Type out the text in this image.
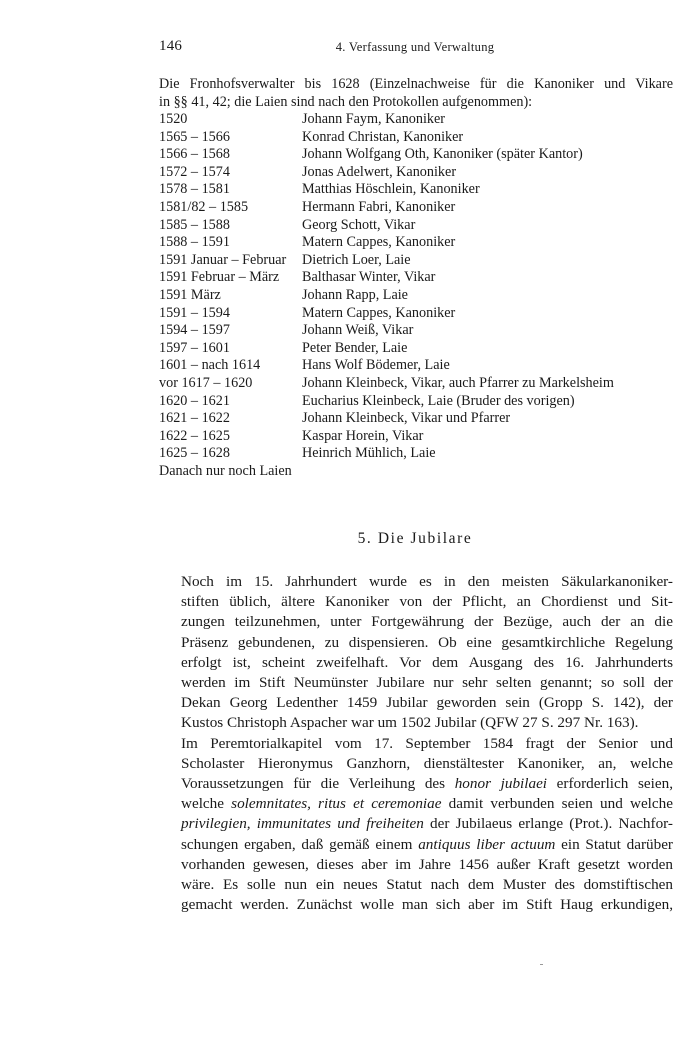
146	4. Verfassung und Verwaltung
Die Fronhofsverwalter bis 1628 (Einzelnachweise für die Kanoniker und Vikare
in §§ 41, 42; die Laien sind nach den Protokollen aufgenommen):
1520	Johann Faym, Kanoniker
1565 – 1566	Konrad Christan, Kanoniker
1566 – 1568	Johann Wolfgang Oth, Kanoniker (später Kantor)
1572 – 1574	Jonas Adelwert, Kanoniker
1578 – 1581	Matthias Höschlein, Kanoniker
1581/82 – 1585	Hermann Fabri, Kanoniker
1585 – 1588	Georg Schott, Vikar
1588 – 1591	Matern Cappes, Kanoniker
1591 Januar – Februar	Dietrich Loer, Laie
1591 Februar – März	Balthasar Winter, Vikar
1591 März	Johann Rapp, Laie
1591 – 1594	Matern Cappes, Kanoniker
1594 – 1597	Johann Weiß, Vikar
1597 – 1601	Peter Bender, Laie
1601 – nach 1614	Hans Wolf Bödemer, Laie
vor 1617 – 1620	Johann Kleinbeck, Vikar, auch Pfarrer zu Markelsheim
1620 – 1621	Eucharius Kleinbeck, Laie (Bruder des vorigen)
1621 – 1622	Johann Kleinbeck, Vikar und Pfarrer
1622 – 1625	Kaspar Horein, Vikar
1625 – 1628	Heinrich Mühlich, Laie
Danach nur noch Laien
5. Die Jubilare

Noch im 15. Jahrhundert wurde es in den meisten Säkularkanoniker-
stiften üblich, ältere Kanoniker von der Pflicht, an Chordienst und Sit-
zungen teilzunehmen, unter Fortgewährung der Bezüge, auch der an die
Präsenz gebundenen, zu dispensieren. Ob eine gesamtkirchliche Regelung
erfolgt ist, scheint zweifelhaft. Vor dem Ausgang des 16. Jahrhunderts
werden im Stift Neumünster Jubilare nur sehr selten genannt; so soll der
Dekan Georg Ledenther 1459 Jubilar geworden sein (Gropp S. 142), der
Kustos Christoph Aspacher war um 1502 Jubilar (QFW 27 S. 297 Nr. 163).

Im Peremtorialkapitel vom 17. September 1584 fragt der Senior und
Scholaster Hieronymus Ganzhorn, dienstältester Kanoniker, an, welche
Voraussetzungen für die Verleihung des honor jubilaei erforderlich seien,
welche solemnitates, ritus et ceremoniae damit verbunden seien und welche
privilegien, immunitates und freiheiten der Jubilaeus erlange (Prot.). Nachfor-
schungen ergaben, daß gemäß einem antiquus liber actuum ein Statut darüber
vorhanden gewesen, dieses aber im Jahre 1456 außer Kraft gesetzt worden
wäre. Es solle nun ein neues Statut nach dem Muster des domstiftischen
gemacht werden. Zunächst wolle man sich aber im Stift Haug erkundigen,
